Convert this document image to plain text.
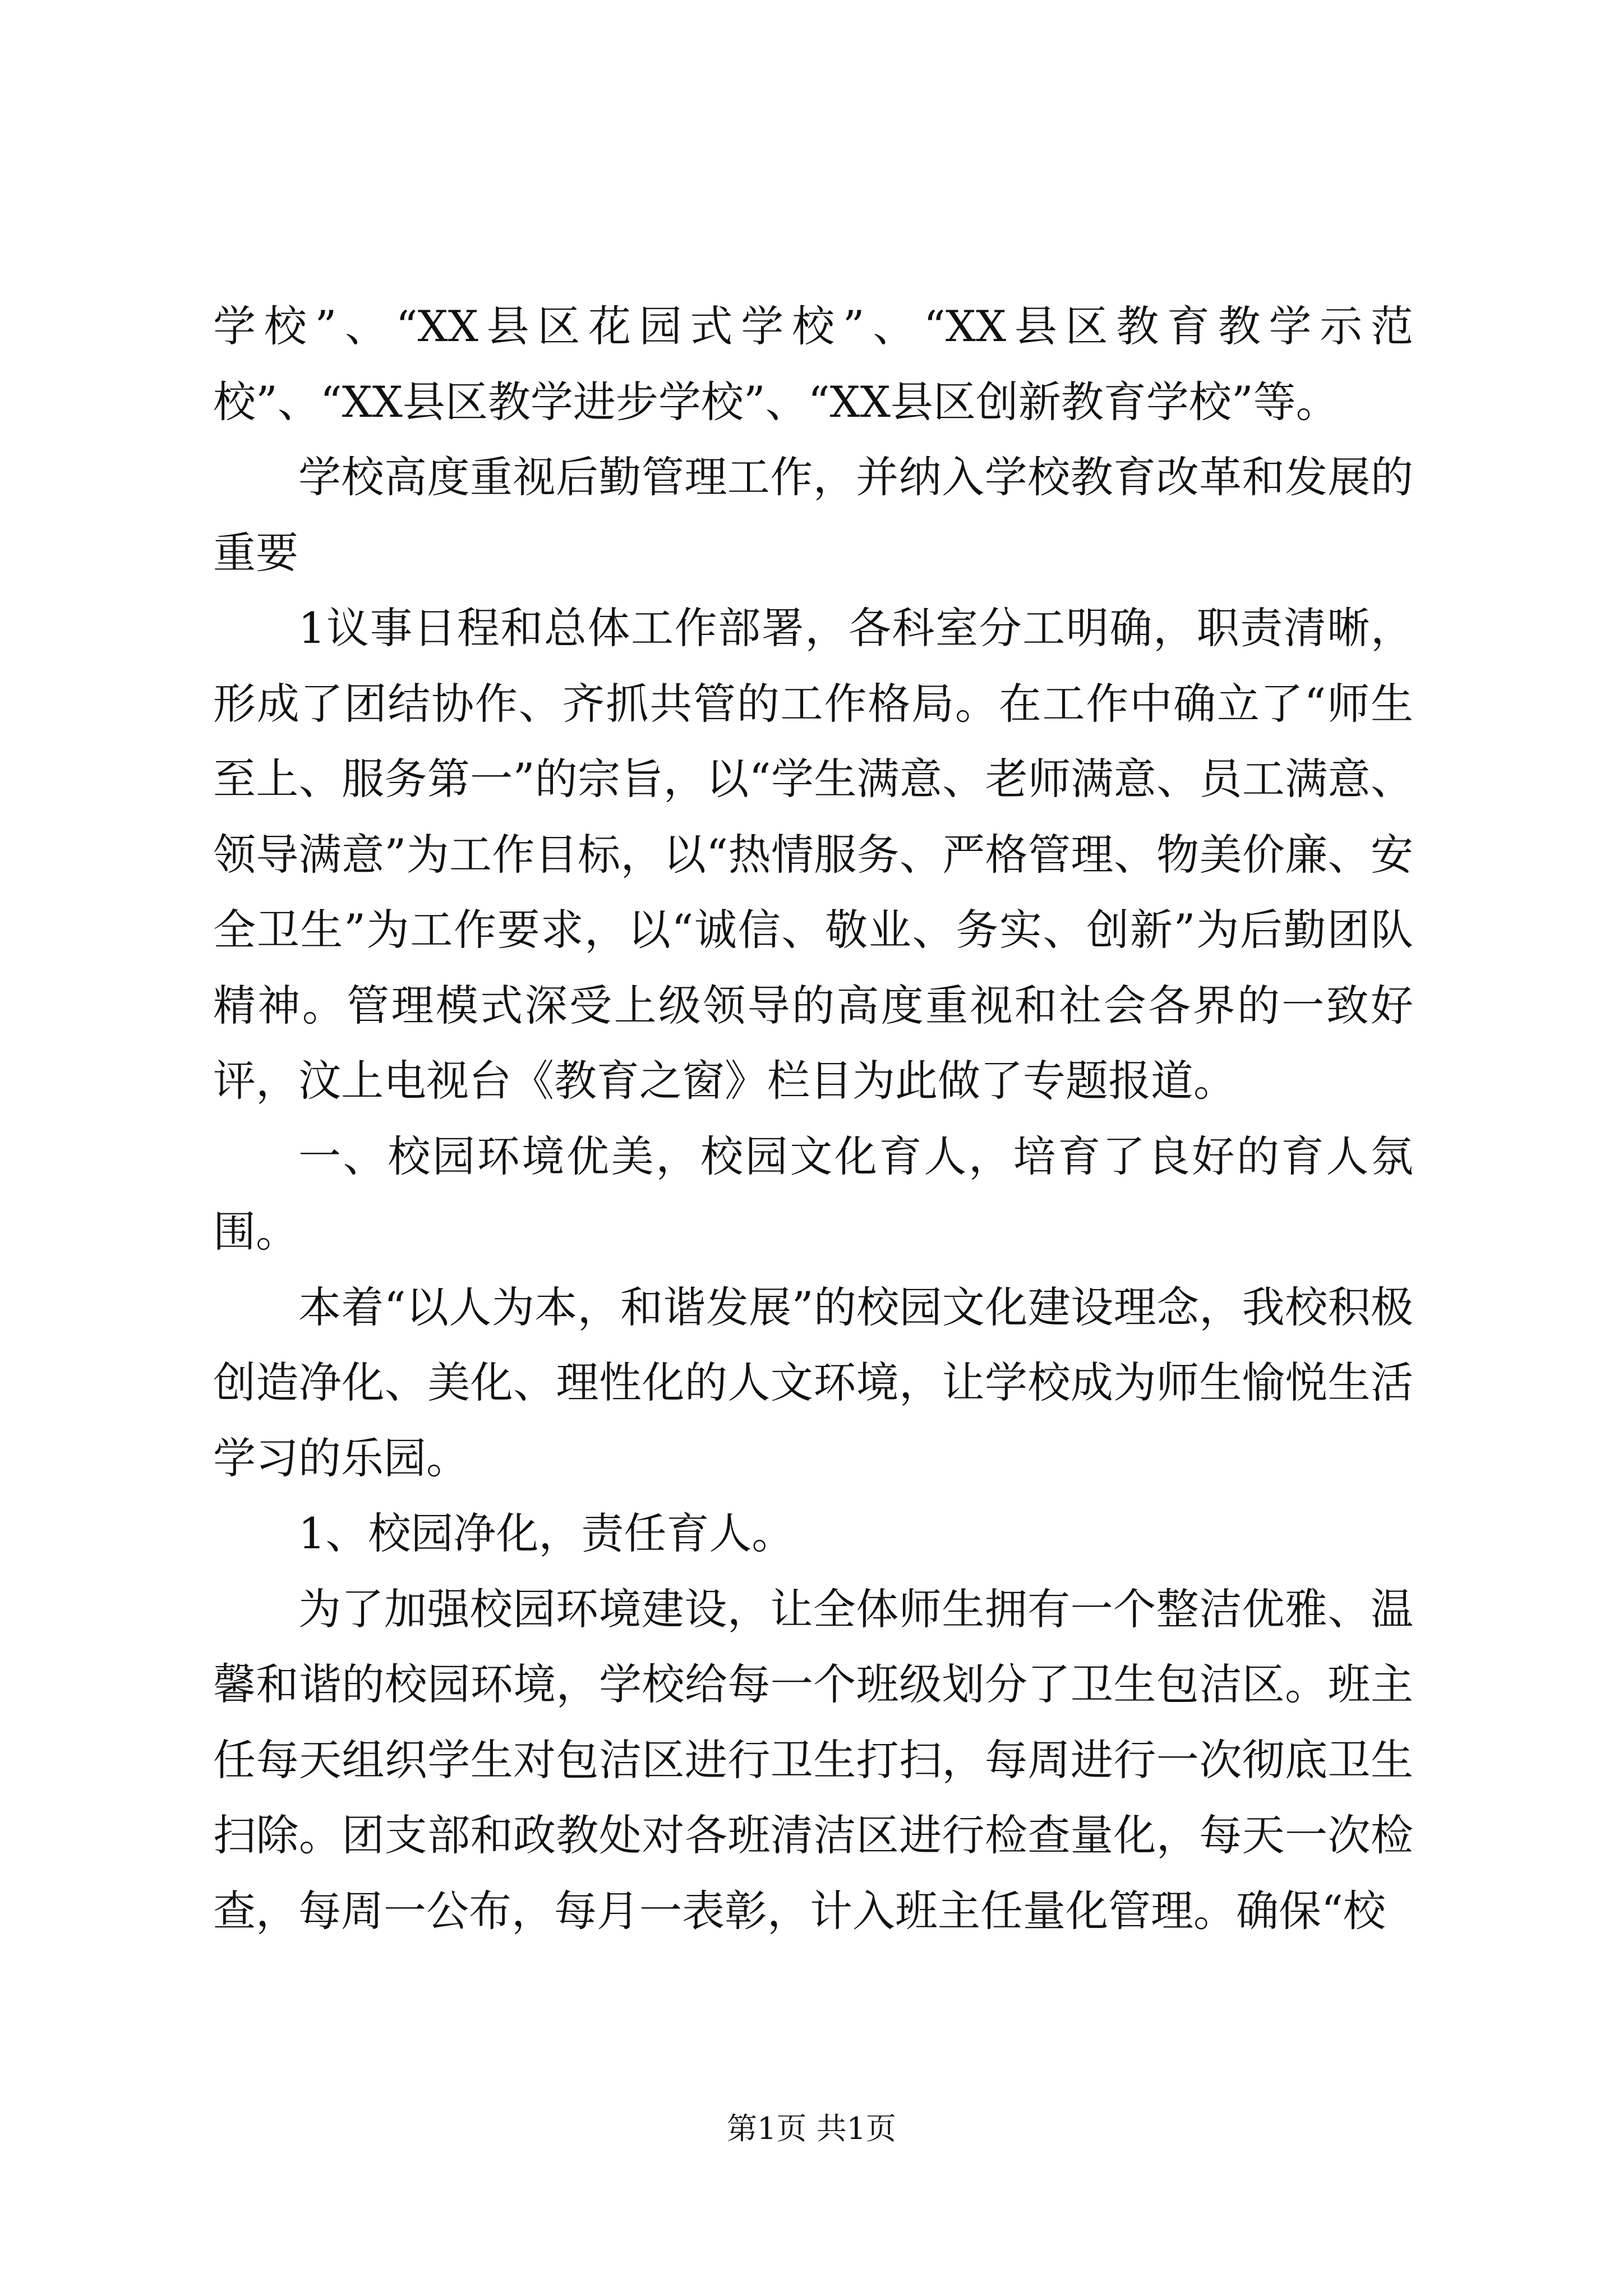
学校”、“XX县区花园式学校”、“XX县区教育教学示范校”、“XX县区教学进步学校”、“XX县区创新教育学校”等。

学校高度重视后勤管理工作，并纳入学校教育改革和发展的重要

1议事日程和总体工作部署，各科室分工明确，职责清晰，形成了团结协作、齐抓共管的工作格局。在工作中确立了“师生至上、服务第一”的宗旨，以“学生满意、老师满意、员工满意、领导满意”为工作目标，以“热情服务、严格管理、物美价廉、安全卫生”为工作要求，以“诚信、敬业、务实、创新”为后勤团队精神。管理模式深受上级领导的高度重视和社会各界的一致好评，汶上电视台《教育之窗》栏目为此做了专题报道。

一、校园环境优美，校园文化育人，培育了良好的育人氛围。

本着“以人为本，和谐发展”的校园文化建设理念，我校积极创造净化、美化、理性化的人文环境，让学校成为师生愉悦生活学习的乐园。

1、校园净化，责任育人。

为了加强校园环境建设，让全体师生拥有一个整洁优雅、温馨和谐的校园环境，学校给每一个班级划分了卫生包洁区。班主任每天组织学生对包洁区进行卫生打扫，每周进行一次彻底卫生扫除。团支部和政教处对各班清洁区进行检查量化，每天一次检查，每周一公布，每月一表彰，计入班主任量化管理。确保“校

第1页 共1页
